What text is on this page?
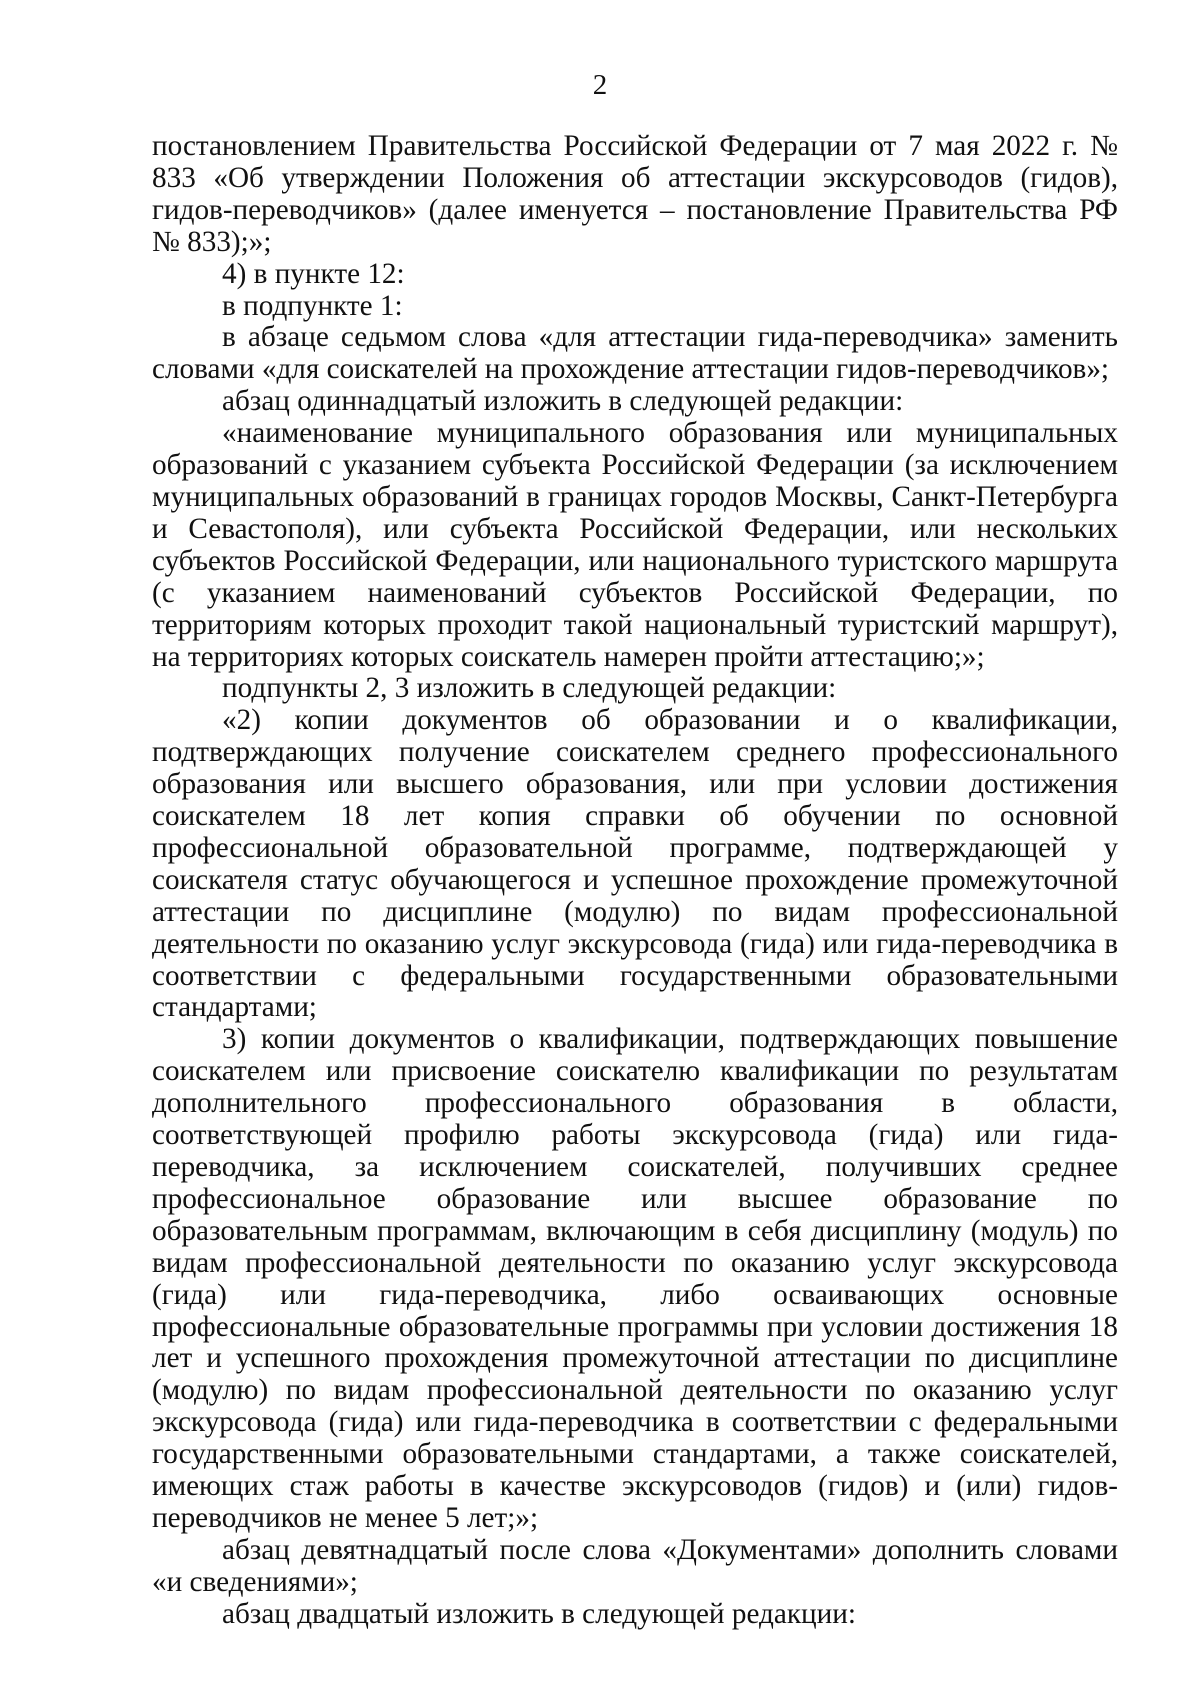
2

постановлением Правительства Российской Федерации от 7 мая 2022 г. № 833 «Об утверждении Положения об аттестации экскурсоводов (гидов), гидов-переводчиков» (далее именуется – постановление Правительства РФ № 833);»;

4) в пункте 12:

в подпункте 1:

в абзаце седьмом слова «для аттестации гида-переводчика» заменить словами «для соискателей на прохождение аттестации гидов-переводчиков»;

абзац одиннадцатый изложить в следующей редакции:

«наименование муниципального образования или муниципальных образований с указанием субъекта Российской Федерации (за исключением муниципальных образований в границах городов Москвы, Санкт-Петербурга и Севастополя), или субъекта Российской Федерации, или нескольких субъектов Российской Федерации, или национального туристского маршрута (с указанием наименований субъектов Российской Федерации, по территориям которых проходит такой национальный туристский маршрут), на территориях которых соискатель намерен пройти аттестацию;»;

подпункты 2, 3 изложить в следующей редакции:

«2) копии документов об образовании и о квалификации, подтверждающих получение соискателем среднего профессионального образования или высшего образования, или при условии достижения соискателем 18 лет копия справки об обучении по основной профессиональной образовательной программе, подтверждающей у соискателя статус обучающегося и успешное прохождение промежуточной аттестации по дисциплине (модулю) по видам профессиональной деятельности по оказанию услуг экскурсовода (гида) или гида-переводчика в соответствии с федеральными государственными образовательными стандартами;

3) копии документов о квалификации, подтверждающих повышение соискателем или присвоение соискателю квалификации по результатам дополнительного профессионального образования в области, соответствующей профилю работы экскурсовода (гида) или гида-переводчика, за исключением соискателей, получивших среднее профессиональное образование или высшее образование по образовательным программам, включающим в себя дисциплину (модуль) по видам профессиональной деятельности по оказанию услуг экскурсовода (гида) или гида-переводчика, либо осваивающих основные профессиональные образовательные программы при условии достижения 18 лет и успешного прохождения промежуточной аттестации по дисциплине (модулю) по видам профессиональной деятельности по оказанию услуг экскурсовода (гида) или гида-переводчика в соответствии с федеральными государственными образовательными стандартами, а также соискателей, имеющих стаж работы в качестве экскурсоводов (гидов) и (или) гидов-переводчиков не менее 5 лет;»;

абзац девятнадцатый после слова «Документами» дополнить словами «и сведениями»;

абзац двадцатый изложить в следующей редакции:
